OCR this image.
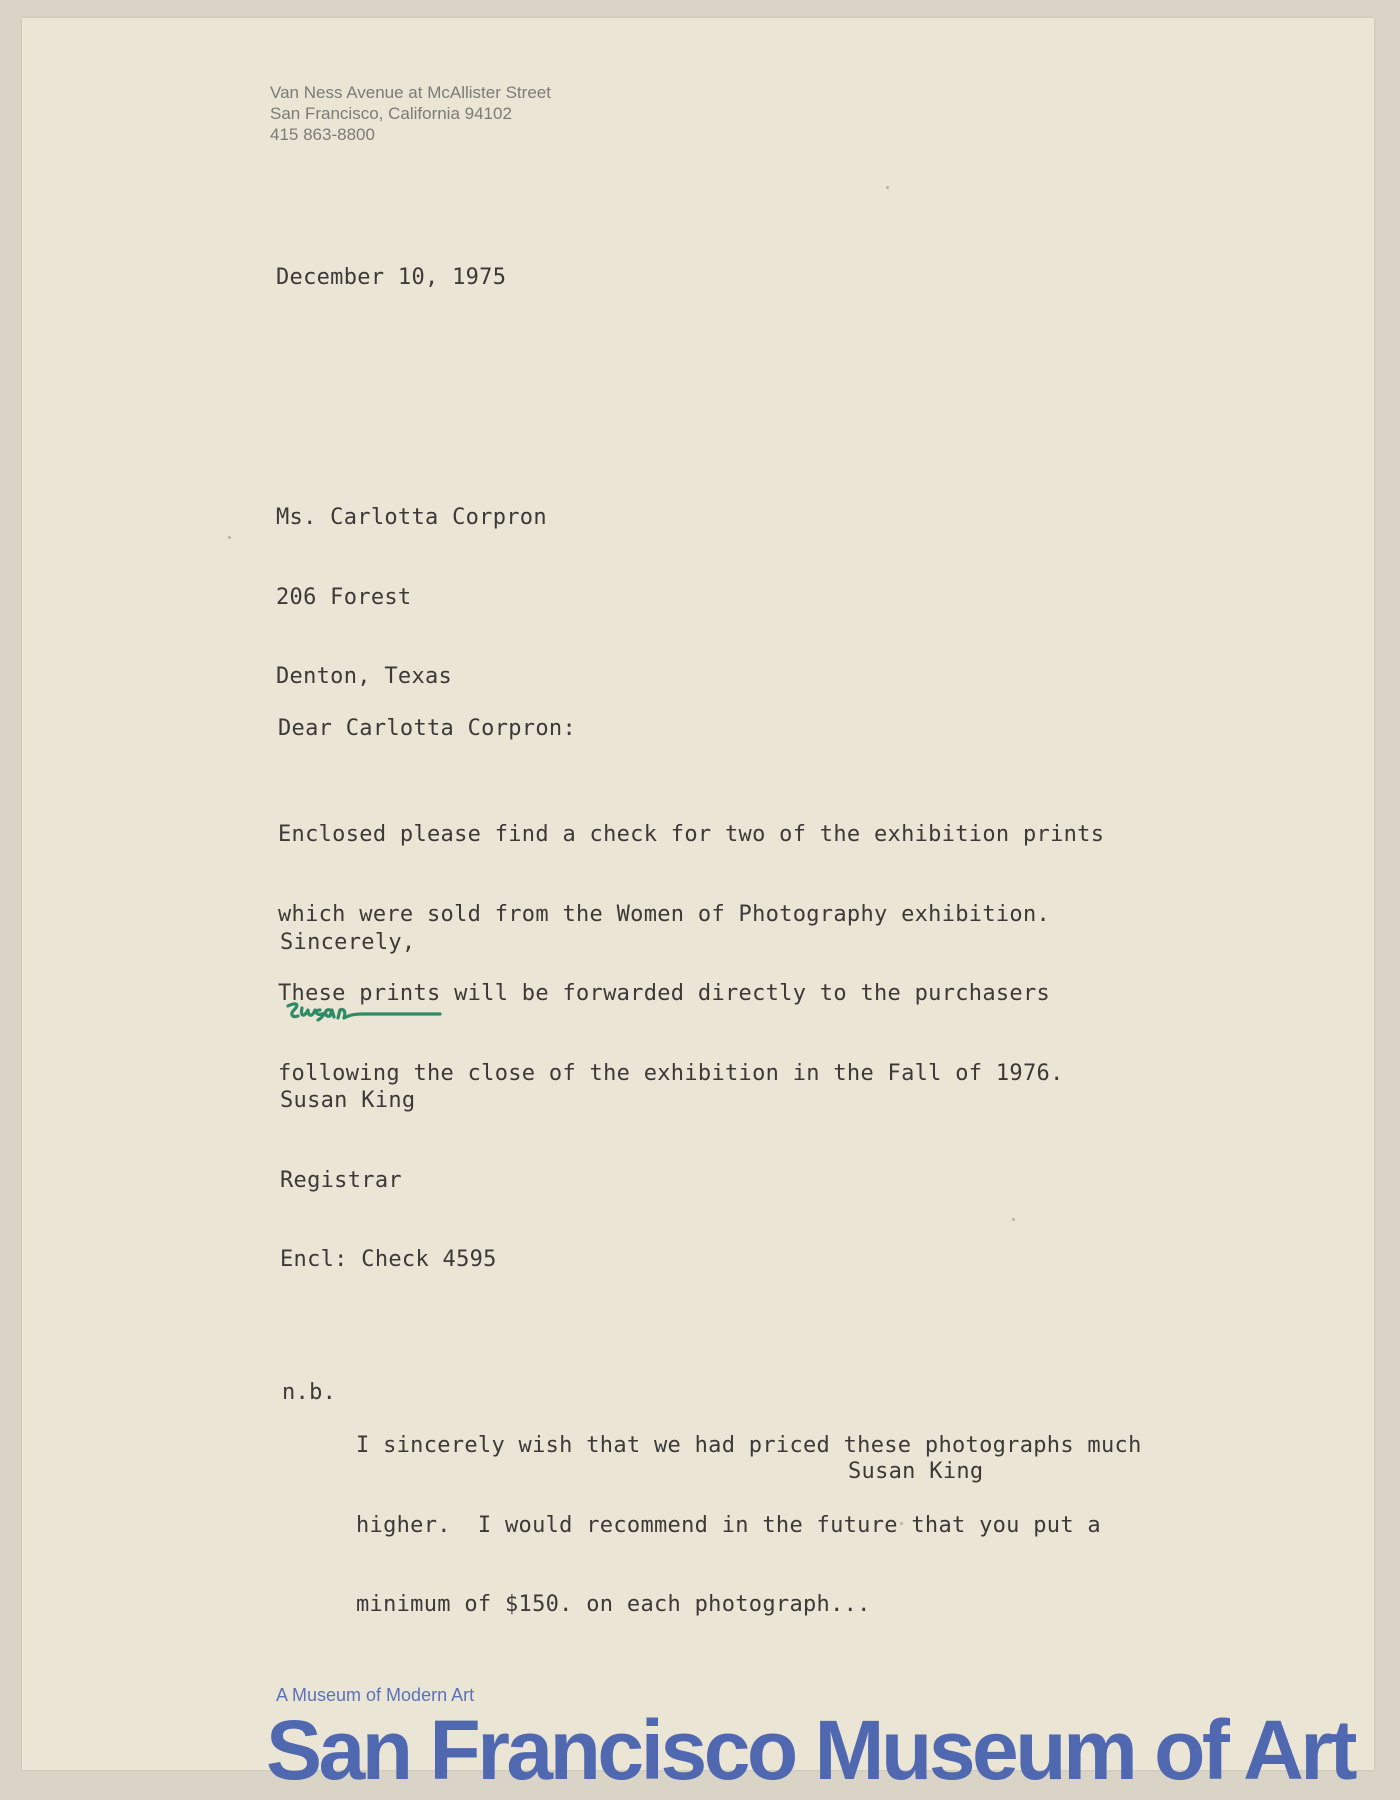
Van Ness Avenue at McAllister Street
San Francisco, California 94102
415 863-8800
December 10, 1975

Ms. Carlotta Corpron

206 Forest

Denton, Texas

Dear Carlotta Corpron:

Enclosed please find a check for two of the exhibition prints

which were sold from the Women of Photography exhibition.

These prints will be forwarded directly to the purchasers

following the close of the exhibition in the Fall of 1976.

Sincerely,

Susan King

Registrar

Encl: Check 4595
n.b.

I sincerely wish that we had priced these photographs much

higher.  I would recommend in the future that you put a

minimum of $150. on each photograph...

Susan King
A Museum of Modern Art
San Francisco Museum of Art
